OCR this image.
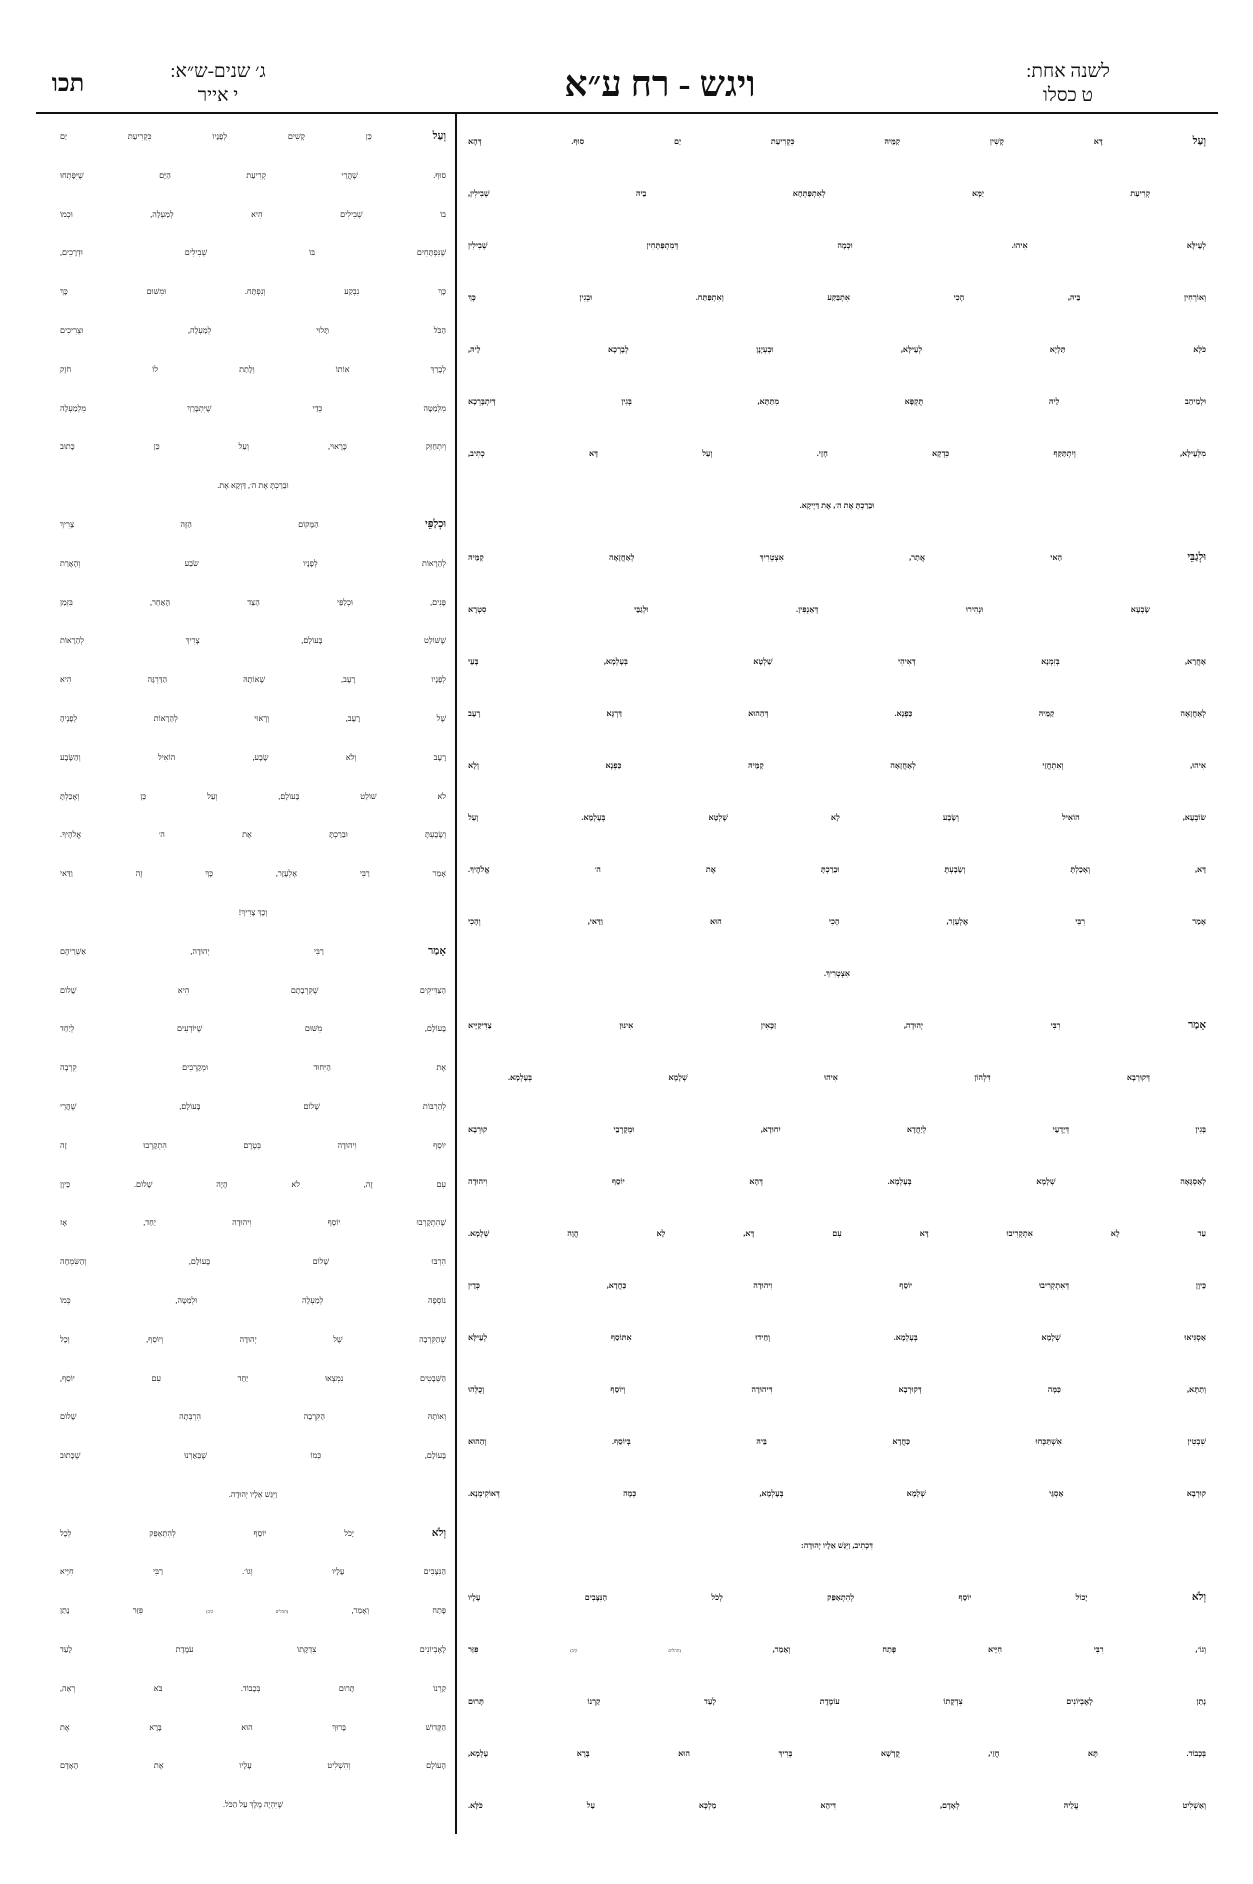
תכו	ג׳ שנים-ש״א:
י אייר	ויגש - רח ע״א	לשנה אחת:
ט כסלו
וְעַל דָּא קָשִׁין קַמֵּיהּ כִּקְרִיעַת יַם סוּף. דְּהָא
קְרִיעַת יַמָּא לְאִתְפַּתְּחָא בֵיהּ שְׁבִילִין,
לְעֵילָּא אִיהוּ. וּכְמָה דְּמִתְפַּתְּחִין שְׁבִילִין
וְאוֹרְחִין בֵּיהּ, הָכִי אִתְבַּקַּע וְאִתְפַּתַּח. וּבְגִין כָּךְ
כֹּלָּא תַּלְיָא לְעֵילָּא, וּבְעְיָנָן לְבָרְכָא לֵיהּ,
וּלְמֵיהַב לֵיהּ תֻּקְפָּא מִתַּתָּא, בְּגִין דְּיִתְבָּרְכָא
מִלְּעֵילָּא, וְיִתְתַּקַּף כִּדְקָא חָזֵי. וְעַל דָּא כְתִיב,
וּבֵרַכְתָּ אֶת ה׳, אֶת דַּיְיקָא.
וּלְגַבֵּי הַאי אֲתַר, אִצְטְרִיךְ לְאַחֲזָאָה קַמֵּיהּ
שָׂבְעָא וּנְהִירוּ דְּאַנְפִּין. וּלְגַבֵּי סִטְרָא
אַחֲרָא, בְּזִמְנָא דְּאִיהִי שַׁלְטָא בְּעָלְמָא, בָּעֵי
לְאַחֲזָאָה קַמֵּיהּ כַּפְנָא. דְּהַהוּא דַּרְגָּא רָעֵב
אִיהוּ, וְאִתְחֲזֵי לְאַחֲזָאָה קַמֵּיהּ כַּפְנָא וְלָא
שׂוֹבְעָא, הוֹאִיל וְשָׂבָע לָא שָׁלְטָא בְּעָלְמָא. וְעַל
דָּא, וְאָכַלְתָּ וְשָׂבָעְתָּ וּבֵרַכְתָּ אֶת ה׳ אֱלֹהֶיךָ.
אָמַר רִבִּי אֶלְעָזָר, הָכִי הוּא וַדַּאי, וְהָכִי
אִצְטְרִיךְ.
אָמַר רִבִּי יְהוּדָה, זַכָּאִין אִינּוּן צַדִּיקַיָּיא
דְּקוּרְבָא דִּלְהוֹן אִיהוּ שְׁלָמָא בְּעָלְמָא.
בְּגִין דְּיָדְעֵי לְיַחֲדָא יִחוּדָא, וּמְקָרְבֵי קוּרְבָא
לְאַסְגָּאָה שְׁלָמָא בְּעָלְמָא. דְּהָא יוֹסֵף וִיהוּדָה
עַד לָא אִתְקְרִיבוּ דָּא עִם דָּא, לָא הֲוָה שְׁלָמָא.
כֵּיוָן דְּאִתְקְרִיבוּ יוֹסֵף וִיהוּדָה כַּחֲדָא, כְּדֵין
אַסְגִּיאוּ שְׁלָמָא בְּעָלְמָא. וְחֵידוּ אִתּוֹסַף לְעֵילָּא
וְתַתָּא, כַּמָּה דְּקוּרְבָא דִּיהוּדָה וְיוֹסֵף וְכֻלְּהוּ
שִׁבְטִין אִשְׁתַּכְּחוּ כַּחֲדָא בֵּיהּ בְּיוֹסֵף. וְהַהוּא
קוּרְבָא אַסְגֵּי שְׁלָמָא בְּעָלְמָא, כְּמָה דְּאוֹקִימְנָא.
דִּכְתִיב, וַיִּגַּשׁ אֵלָיו יְהוּדָה:
וְלֹא יָכוֹל יוֹסֵף לְהִתְאַפֵּק לְכֹל הַנִּצָּבִים עָלָיו
וְגוֹ׳, רִבִּי חִיָּיא פָּתַח וְאָמַר, (תהלים קיב) פִּזַּר
נָתַן לָאֶבְיוֹנִים צִדְקָתוֹ עוֹמֶדֶת לָעַד קַרְנוֹ תָּרוּם
בְּכָבוֹד. תָּא חֲזֵי, קֻדְשָׁא בְּרִיךְ הוּא בָּרָא עָלְמָא,
וְאַשְׁלִיט עֲלֵיהּ לְאָדָם, דִּיהֵא מַלְכָּא עַל כֹּלָּא.
וְעַל כֵּן קָשִׁים לְפָנָיו כִּקְרִיעַת יַם
סוּף. שֶׁהֲרֵי קְרִיעַת הַיָּם שֶׁיִּפָּתְחוּ
בוֹ שְׁבִילִים הִיא לְמַעְלָה, וּכְמוֹ
שֶׁנִּפְתָּחִים בּוֹ שְׁבִילִים וּדְרָכִים,
כָּךְ נִבְקַע וְנִפְתָּח. וּמִשּׁוּם כָּךְ
הַכֹּל תָּלוּי לְמַעְלָה, וּצְרִיכִים
לְבָרֵךְ אוֹתוֹ וְלָתֵת לוֹ חֹזֶק
מִלְּמַטָּה כְּדֵי שֶׁיִּתְבָּרֵךְ מִלְמַעְלָה
וְיִתְחַזֵּק כָּרָאוּי, וְעַל כֵּן כָּתוּב
וּבֵרַכְתָּ אֶת ה׳, דַּוְקָא אֶת.
וּכְלַפֵּי הַמָּקוֹם הַזֶּה צָרִיךְ
לְהֵרָאוֹת לְפָנָיו שֹׂבַע וְהָאָרַת
פָּנִים, וּכְלַפֵּי הַצַּד הָאַחֵר, בִּזְמַן
שֶׁשּׁוֹלֵט בָּעוֹלָם, צָרִיךְ לְהֵרָאוֹת
לְפָנָיו רָעָב, שֶׁאוֹתָהּ הַדַּרְגָּה הִיא
שֶׁל רָעָב, וְרָאוּי לְהֵרָאוֹת לְפָנֶיהָ
רָעָב וְלֹא שָׂבָע, הוֹאִיל וְהַשָּׂבָע
לֹא שׁוֹלֵט בָּעוֹלָם, וְעַל כֵּן וְאָכַלְתָּ
וְשָׂבָעְתָּ וּבֵרַכְתָּ אֶת ה׳ אֱלֹהֶיךָ.
אָמַר רַבִּי אֶלְעָזָר, כָּךְ זֶה וַדַּאי
וְכָךְ צָרִיךְ!
אָמַר רַבִּי יְהוּדָה, אַשְׁרֵיהֶם
הַצַּדִּיקִים שֶׁקִּרְבָתָם הִיא שָׁלוֹם
בָּעוֹלָם, מִשּׁוּם שֶׁיּוֹדְעִים לְיַחֵד
אֶת הַיִּחוּד וּמְקָרְבִים קִרְבָה
לְהַרְבּוֹת שָׁלוֹם בָּעוֹלָם, שֶׁהֲרֵי
יוֹסֵף וִיהוּדָה בְּטֶרֶם הִתְקָרְבוּ זֶה
עִם זֶה, לֹא הָיָה שָׁלוֹם. כֵּיוָן
שֶׁהִתְקָרְבוּ יוֹסֵף וִיהוּדָה יַחַד, אָז
הִרְבּוּ שָׁלוֹם בָּעוֹלָם, וְהַשִּׂמְחָה
נוֹסְפָה לְמַעְלָה וּלְמַטָּה, כְּמוֹ
שֶׁהַקִּרְבָה שֶׁל יְהוּדָה וְיוֹסֵף, וְכָל
הַשְּׁבָטִים נִמְצְאוּ יַחַד עִם יוֹסֵף,
וְאוֹתָהּ הַקִּרְבָה הִרְבְּתָה שָׁלוֹם
בָּעוֹלָם, כְּמוֹ שֶׁבֵּאַרְנוּ שֶׁכָּתוּב
וַיִּגַּשׁ אֵלָיו יְהוּדָה.
וְלֹא יָכֹל יוֹסֵף לְהִתְאַפֵּק לְכָל
הַנִּצָּבִים עָלָיו וְגוֹ׳. רַבִּי חִיָּיא
פָּתַח וְאָמַר, (תהלים קיב) פִּזַּר נָתַן
לָאֶבְיוֹנִים צִדְקָתוֹ עֹמֶדֶת לָעַד
קַרְנוֹ תָּרוּם בְּכָבוֹד. בֹּא רְאֵה,
הַקָּדוֹשׁ בָּרוּךְ הוּא בָּרָא אֶת
הָעוֹלָם וְהִשְׁלִיט עָלָיו אֶת הָאָדָם
שֶׁיִּהְיֶה מֶלֶךְ עַל הַכֹּל.
